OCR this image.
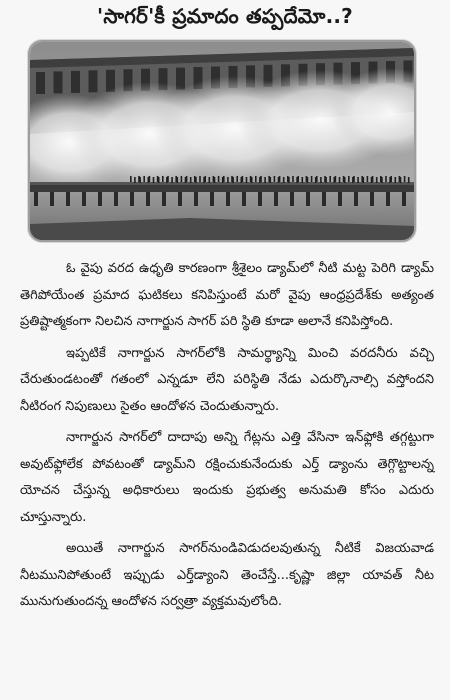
'సాగర్'కీ ప్రమాదం తప్పదేమో..?

ఓ వైపు వరద ఉధృతి కారణంగా శ్రీశైలం డ్యామ్‌లో నీటి మట్ట పెరిగి డ్యామ్ తెగిపోయేంత ప్రమాద ఘటికలు కనిపిస్తుంటే మరో వైపు ఆంధ్రప్రదేశ్‌కు అత్యంత ప్రతిష్టాత్మకంగా నిలచిన నాగార్జున సాగర్ పరి స్థితి కూడా అలానే కనిపిస్తోంది.

ఇప్పటికే నాగార్జున సాగర్‌లోకి సామర్థ్యాన్ని మించి వరదనీరు వచ్చి చేరుతుండటంతో గతంలో ఎన్నడూ లేని పరిస్థితి నేడు ఎదుర్కొనాల్సి వస్తోందని నీటిరంగ నిపుణులు సైతం ఆందోళన చెందుతున్నారు.

నాగార్జున సాగర్‌లో దాదాపు అన్ని గేట్లను ఎత్తి వేసినా ఇన్‌ఫ్లోకి తగ్గట్టుగా అవుట్‌ఫ్లోలేక పోవటంతో డ్యామ్‌ని రక్షించుకునేందుకు ఎర్త్ డ్యాంను తెగ్గొట్టాలన్న యోచన చేస్తున్న అధికారులు ఇందుకు ప్రభుత్వ అనుమతి కోసం ఎదురు చూస్తున్నారు.

అయితే నాగార్జున సాగర్‌నుండివిడుదలవుతున్న నీటికే విజయవాడ నీటమునిపోతుంటే ఇప్పుడు ఎర్త్‌డ్యాంని తెంచేస్తే...కృష్ణా జిల్లా యావత్ నీట మునుగుతుందన్న ఆందోళన సర్వత్రా వ్యక్తమవులోంది.
